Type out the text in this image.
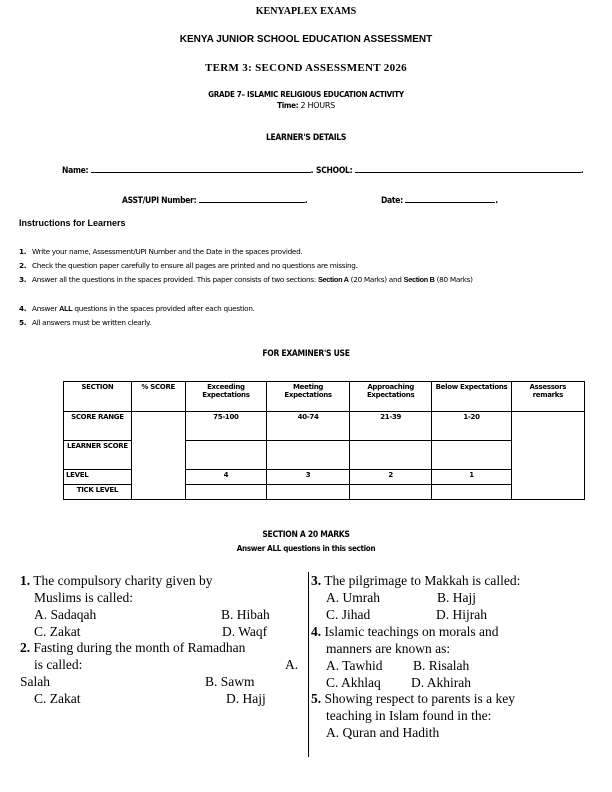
KENYAPLEX EXAMS
KENYA JUNIOR SCHOOL EDUCATION ASSESSMENT
TERM 3: SECOND ASSESSMENT 2026
GRADE 7– ISLAMIC RELIGIOUS EDUCATION ACTIVITY
Time: 2 HOURS
LEARNER'S DETAILS
Name:	. SCHOOL:	.
ASST/UPI Number:	.	Date:	.
Instructions for Learners
1. Write your name, Assessment/UPI Number and the Date in the spaces provided.
2. Check the question paper carefully to ensure all pages are printed and no questions are missing.
3. Answer all the questions in the spaces provided. This paper consists of two sections: Section A (20 Marks) and Section B (80 Marks)
4. Answer ALL questions in the spaces provided after each question.
5. All answers must be written clearly.
FOR EXAMINER'S USE
SECTION	% SCORE	Exceeding Expectations	Meeting Expectations	Approaching Expectations	Below Expectations	Assessors remarks
SCORE RANGE		75-100	40-74	21-39	1-20	
LEARNER SCORE						
LEVEL		4	3	2	1	
TICK LEVEL						
SECTION A 20 MARKS
Answer ALL questions in this section
1. The compulsory charity given by
Muslims is called:
A. Sadaqah	B. Hibah
C. Zakat	D. Waqf
2. Fasting during the month of Ramadhan
is called:	A.
Salah	B. Sawm
C. Zakat	D. Hajj
3. The pilgrimage to Makkah is called:
A. Umrah	B. Hajj
C. Jihad	D. Hijrah
4. Islamic teachings on morals and
manners are known as:
A. Tawhid B. Risalah
C. Akhlaq D. Akhirah
5. Showing respect to parents is a key
teaching in Islam found in the:
A. Quran and Hadith
